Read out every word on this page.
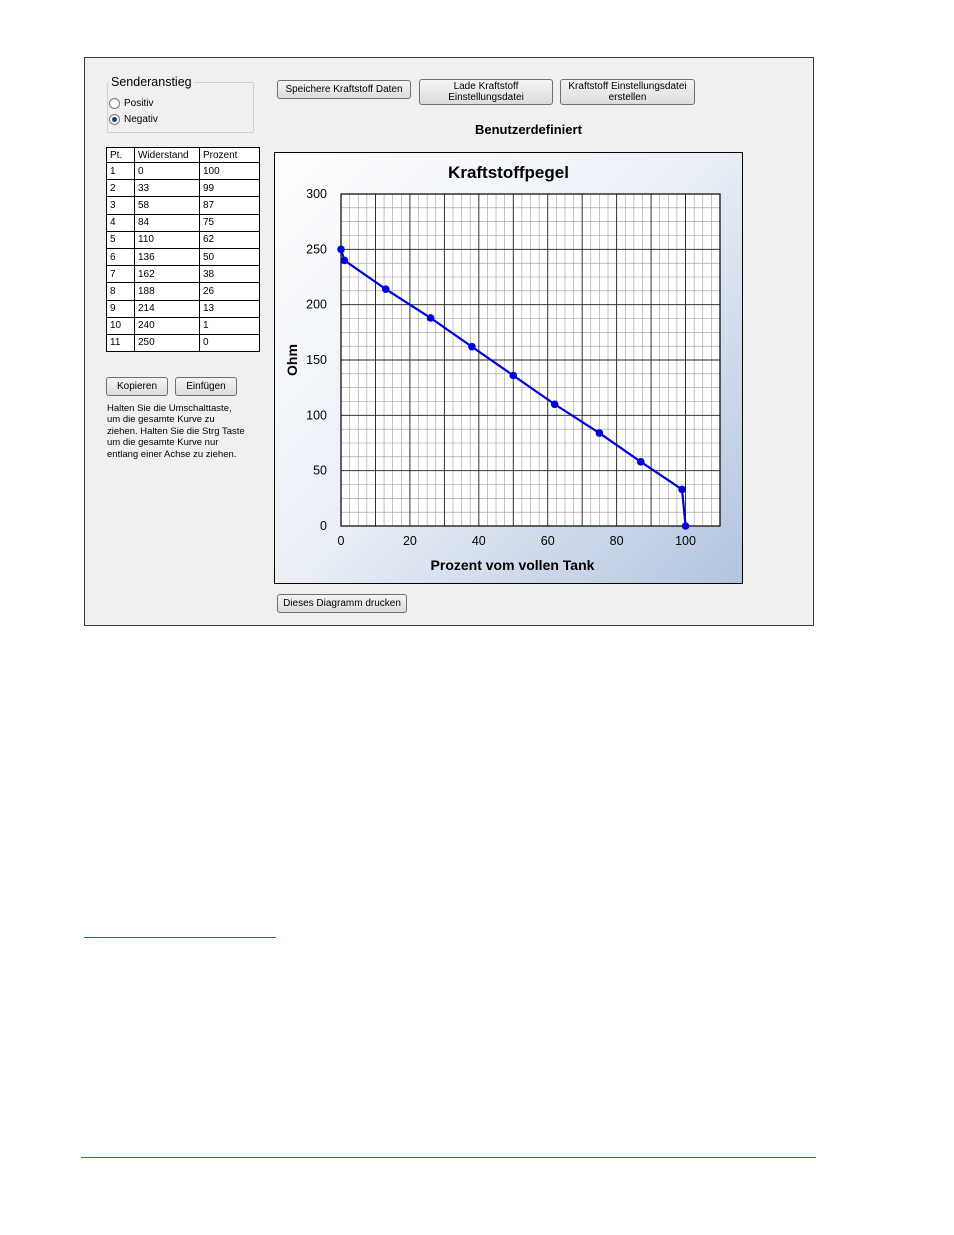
Senderanstieg
Positiv
Negativ
Speichere Kraftstoff Daten	Lade Kraftstoff
Einstellungsdatei
Kraftstoff Einstellungsdatei
erstellen
Benutzerdefiniert
Pt.	Widerstand	Prozent
1	0	100
2	33	99
3	58	87
4	84	75
5	110	62
6	136	50
7	162	38
8	188	26
9	214	13
10	240	1
11	250	0
Kopieren	Einfügen
Halten Sie die Umschalttaste, um die gesamte Kurve zu ziehen. Halten Sie die Strg Taste um die gesamte Kurve nur entlang einer Achse zu ziehen.
0	20	40	60	80	100
0
50
100
150
200
250
300
Kraftstoffpegel
Prozent vom vollen Tank
Ohm
Dieses Diagramm drucken
